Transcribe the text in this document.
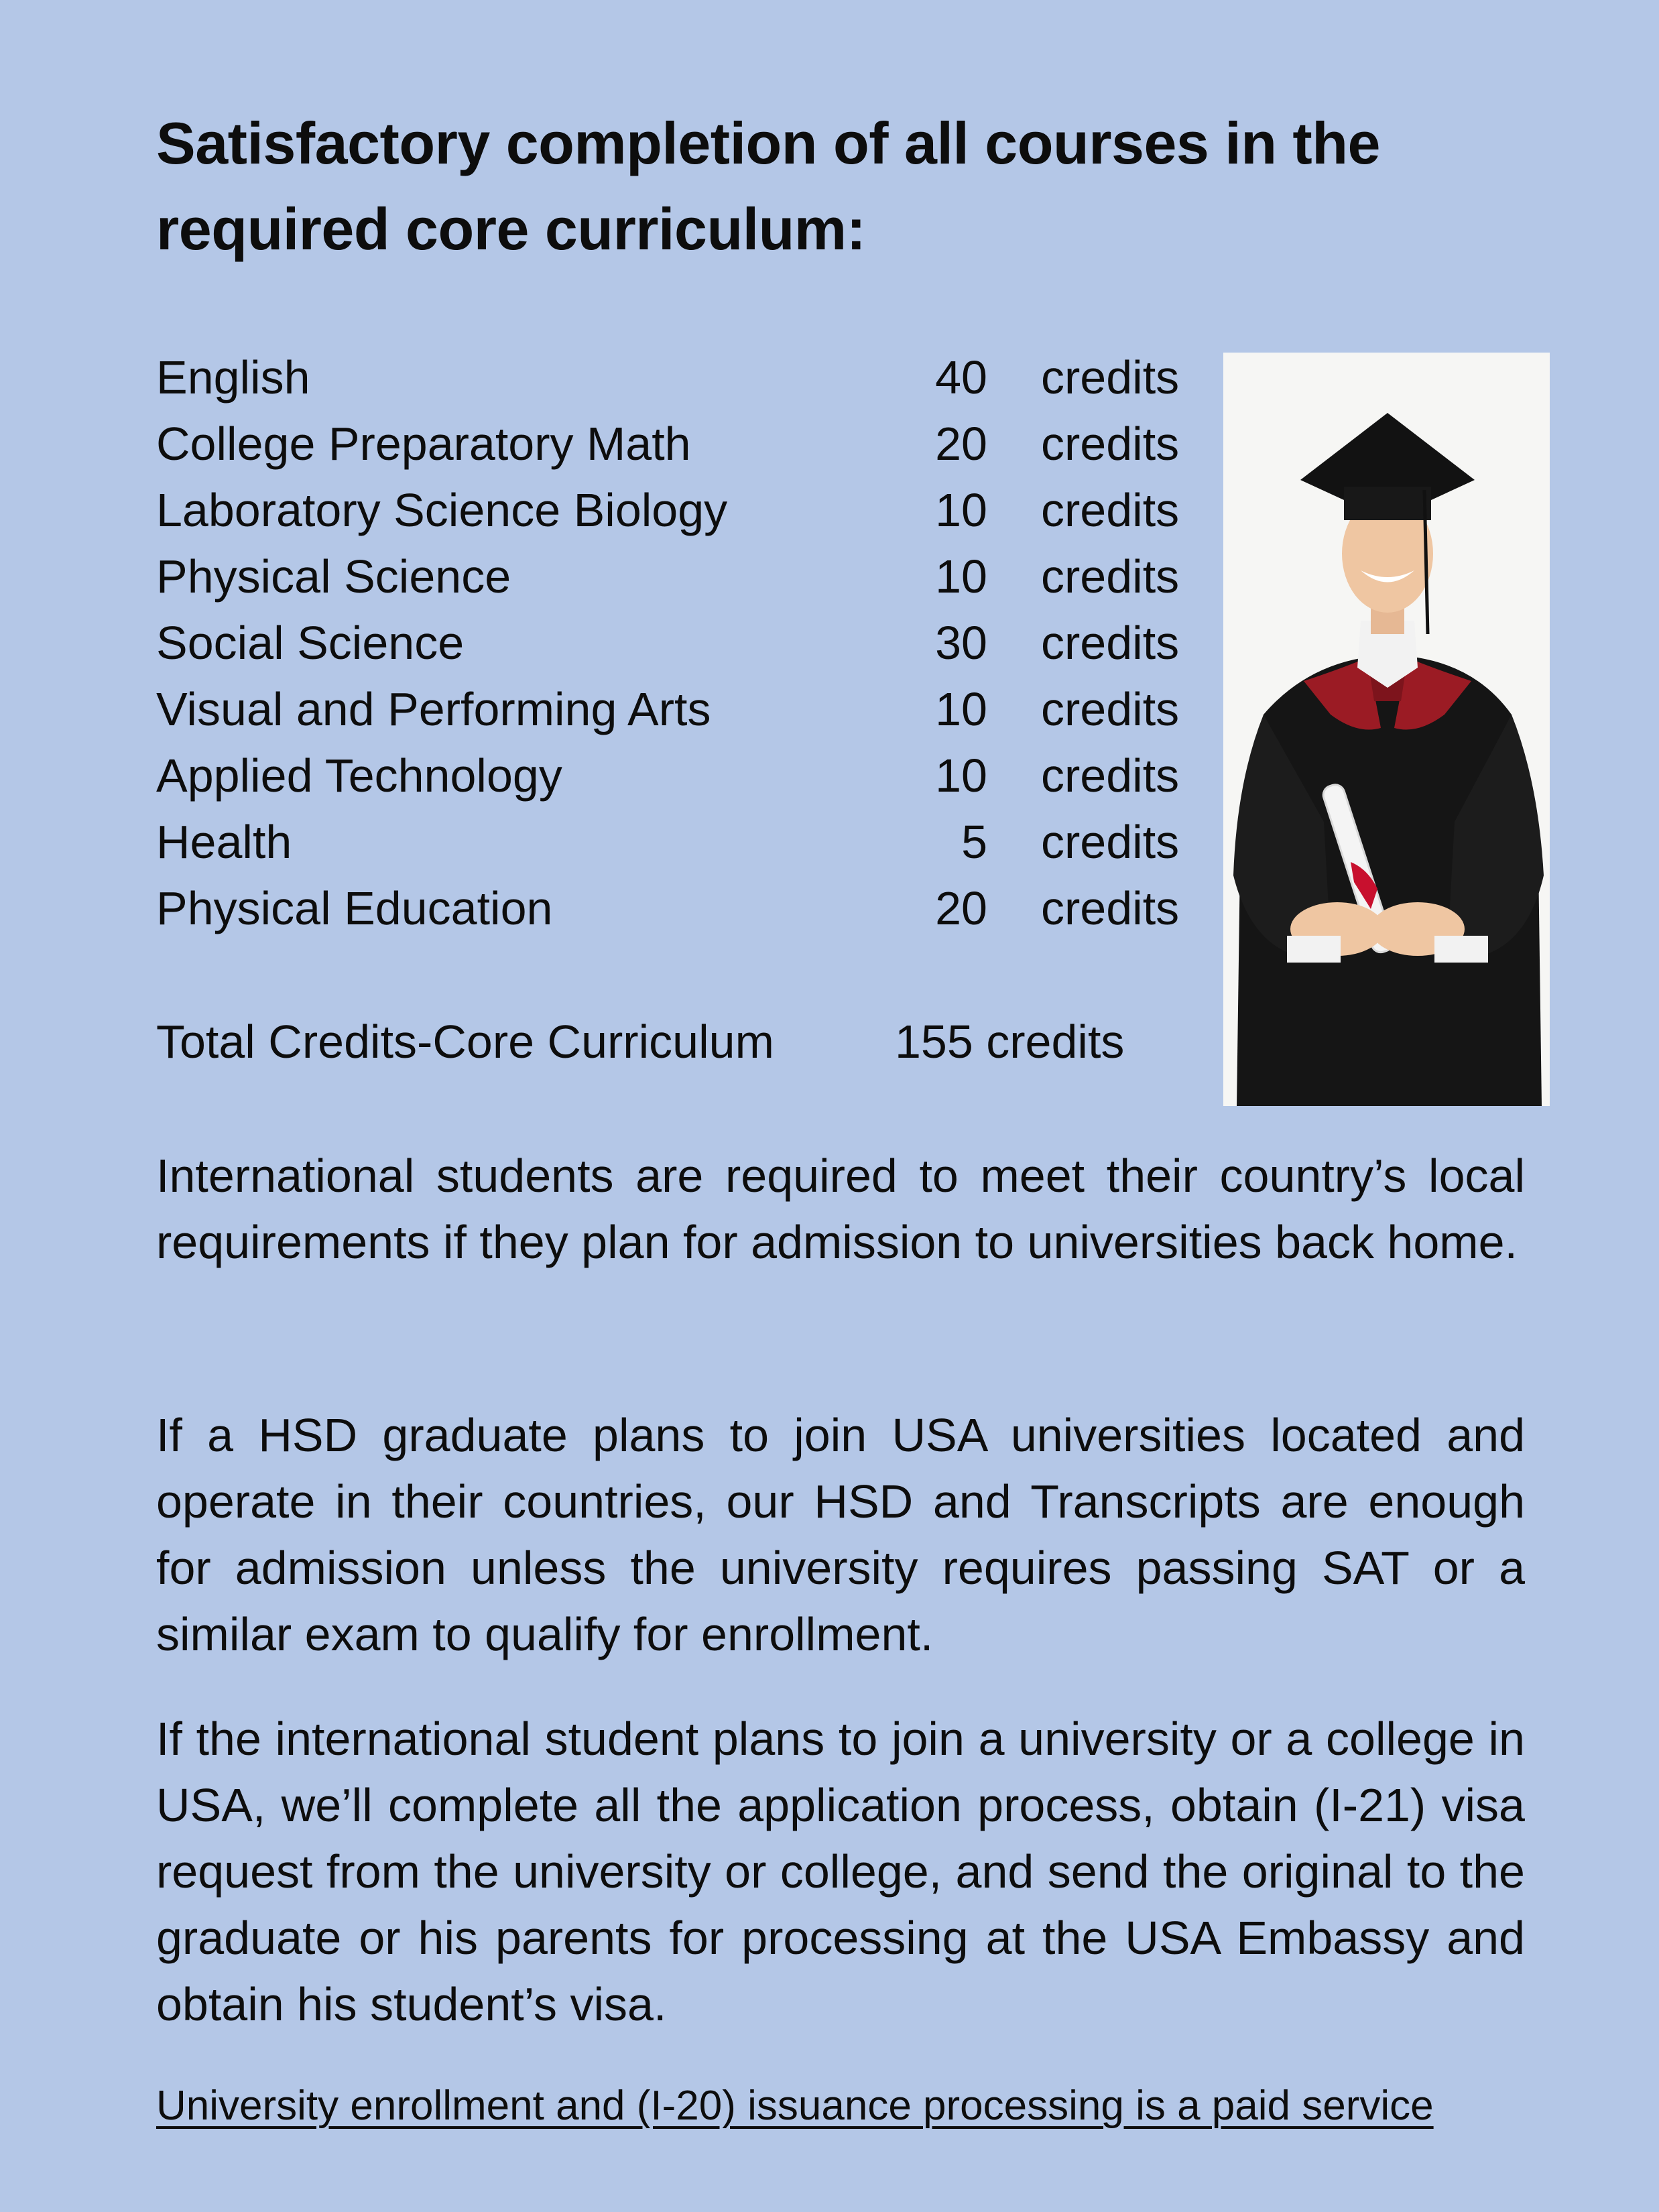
Satisfactory completion of all courses in the required core curriculum:
English	40 credits
College Preparatory Math	20 credits
Laboratory Science Biology	10 credits
Physical Science	10 credits
Social Science	30 credits
Visual and Performing Arts	10 credits
Applied Technology	10 credits
Health	5 credits
Physical Education	20 credits
Total Credits-Core Curriculum	155 credits
International students are required to meet their country’s local requirements if they plan for admission to universities back home.
If a HSD graduate plans to join USA universities located and operate in their countries, our HSD and Transcripts are enough for admission unless the university requires passing SAT or a similar exam to qualify for enrollment.
If the international student plans to join a university or a college in USA, we’ll complete all the application process, obtain (I-21) visa request from the university or college, and send the original to the graduate or his parents for processing at the USA Embassy and obtain his student’s visa.
University enrollment and (I-20) issuance processing is a paid service
